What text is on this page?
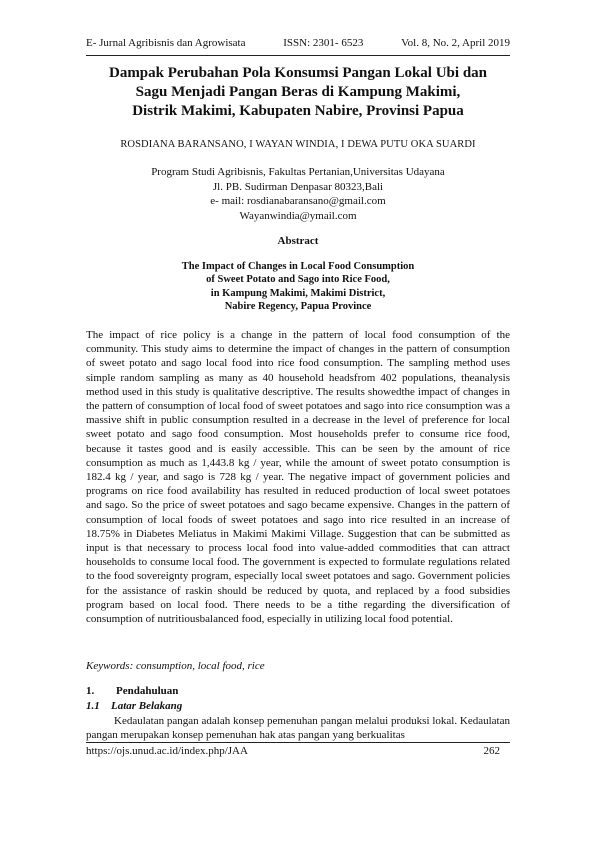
E- Jurnal Agribisnis dan Agrowisata	ISSN: 2301- 6523	Vol. 8, No. 2, April 2019
Dampak Perubahan Pola Konsumsi Pangan Lokal Ubi dan
Sagu Menjadi Pangan Beras di Kampung Makimi,
Distrik Makimi, Kabupaten Nabire, Provinsi Papua
ROSDIANA BARANSANO, I WAYAN WINDIA, I DEWA PUTU OKA SUARDI
Program Studi Agribisnis, Fakultas Pertanian,Universitas Udayana
Jl. PB. Sudirman Denpasar 80323,Bali
e- mail: rosdianabaransano@gmail.com
Wayanwindia@ymail.com
Abstract
The Impact of Changes in Local Food Consumption
of Sweet Potato and Sago into Rice Food,
in Kampung Makimi, Makimi District,
Nabire Regency, Papua Province
The impact of rice policy is a change in the pattern of local food consumption of the community. This study aims to determine the impact of changes in the pattern of consumption of sweet potato and sago local food into rice food consumption. The sampling method uses simple random sampling as many as 40 household headsfrom 402 populations, theanalysis method used in this study is qualitative descriptive. The results showedthe impact of changes in the pattern of consumption of local food of sweet potatoes and sago into rice consumption was a massive shift in public consumption resulted in a decrease in the level of preference for local sweet potato and sago food consumption. Most households prefer to consume rice food, because it tastes good and is easily accessible. This can be seen by the amount of rice consumption as much as 1,443.8 kg / year, while the amount of sweet potato consumption is 182.4 kg / year, and sago is 728 kg / year. The negative impact of government policies and programs on rice food availability has resulted in reduced production of local sweet potatoes and sago. So the price of sweet potatoes and sago became expensive. Changes in the pattern of consumption of local foods of sweet potatoes and sago into rice resulted in an increase of 18.75% in Diabetes Meliatus in Makimi Makimi Village. Suggestion that can be submitted as input is that necessary to process local food into value-added commodities that can attract households to consume local food. The government is expected to formulate regulations related to the food sovereignty program, especially local sweet potatoes and sago. Government policies for the assistance of raskin should be reduced by quota, and replaced by a food subsidies program based on local food. There needs to be a tithe regarding the diversification of consumption of nutritiousbalanced food, especially in utilizing local food potential.
Keywords: consumption, local food, rice
1. Pendahuluan
1.1 Latar Belakang
Kedaulatan pangan adalah konsep pemenuhan pangan melalui produksi lokal. Kedaulatan pangan merupakan konsep pemenuhan hak atas pangan yang berkualitas
https://ojs.unud.ac.id/index.php/JAA	262
